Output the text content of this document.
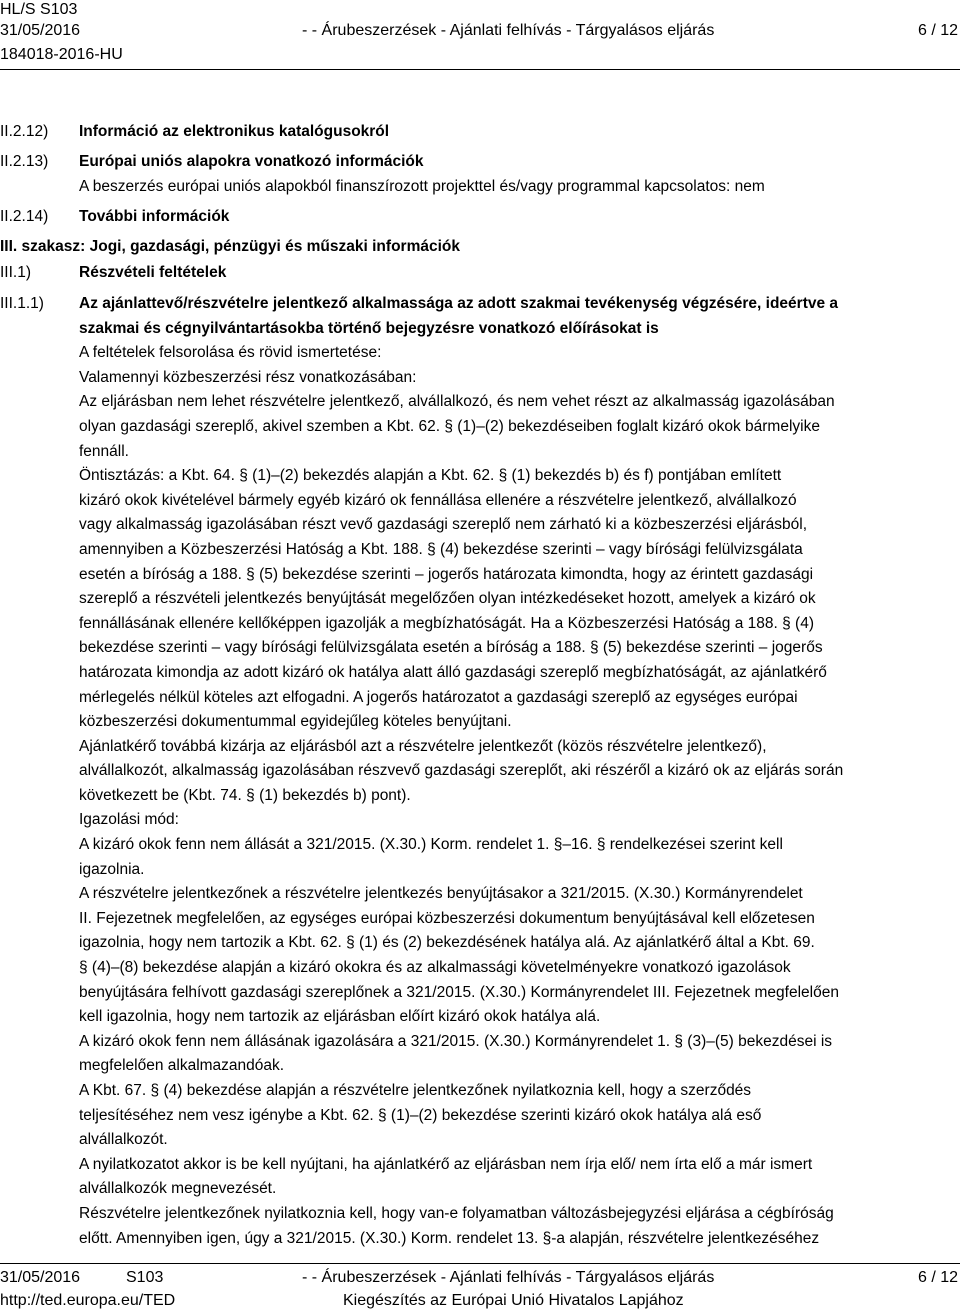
HL/S S103
31/05/2016
184018-2016-HU
- - Árubeszerzések - Ajánlati felhívás - Tárgyalásos eljárás	6 / 12
II.2.12) Információ az elektronikus katalógusokról
II.2.13) Európai uniós alapokra vonatkozó információk
A beszerzés európai uniós alapokból finanszírozott projekttel és/vagy programmal kapcsolatos: nem
II.2.14) További információk
III. szakasz: Jogi, gazdasági, pénzügyi és műszaki információk
III.1)	Részvételi feltételek
III.1.1) Az ajánlattevő/részvételre jelentkező alkalmassága az adott szakmai tevékenység végzésére, ideértve a
szakmai és cégnyilvántartásokba történő bejegyzésre vonatkozó előírásokat is
A feltételek felsorolása és rövid ismertetése:
Valamennyi közbeszerzési rész vonatkozásában:
Az eljárásban nem lehet részvételre jelentkező, alvállalkozó, és nem vehet részt az alkalmasság igazolásában
olyan gazdasági szereplő, akivel szemben a Kbt. 62. § (1)–(2) bekezdéseiben foglalt kizáró okok bármelyike
fennáll.
Öntisztázás: a Kbt. 64. § (1)–(2) bekezdés alapján a Kbt. 62. § (1) bekezdés b) és f) pontjában említett
kizáró okok kivételével bármely egyéb kizáró ok fennállása ellenére a részvételre jelentkező, alvállalkozó
vagy alkalmasság igazolásában részt vevő gazdasági szereplő nem zárható ki a közbeszerzési eljárásból,
amennyiben a Közbeszerzési Hatóság a Kbt. 188. § (4) bekezdése szerinti – vagy bírósági felülvizsgálata
esetén a bíróság a 188. § (5) bekezdése szerinti – jogerős határozata kimondta, hogy az érintett gazdasági
szereplő a részvételi jelentkezés benyújtását megelőzően olyan intézkedéseket hozott, amelyek a kizáró ok
fennállásának ellenére kellőképpen igazolják a megbízhatóságát. Ha a Közbeszerzési Hatóság a 188. § (4)
bekezdése szerinti – vagy bírósági felülvizsgálata esetén a bíróság a 188. § (5) bekezdése szerinti – jogerős
határozata kimondja az adott kizáró ok hatálya alatt álló gazdasági szereplő megbízhatóságát, az ajánlatkérő
mérlegelés nélkül köteles azt elfogadni. A jogerős határozatot a gazdasági szereplő az egységes európai
közbeszerzési dokumentummal egyidejűleg köteles benyújtani.
Ajánlatkérő továbbá kizárja az eljárásból azt a részvételre jelentkezőt (közös részvételre jelentkező),
alvállalkozót, alkalmasság igazolásában részvevő gazdasági szereplőt, aki részéről a kizáró ok az eljárás során
következett be (Kbt. 74. § (1) bekezdés b) pont).
Igazolási mód:
A kizáró okok fenn nem állását a 321/2015. (X.30.) Korm. rendelet 1. §–16. § rendelkezései szerint kell
igazolnia.
A részvételre jelentkezőnek a részvételre jelentkezés benyújtásakor a 321/2015. (X.30.) Kormányrendelet
II. Fejezetnek megfelelően, az egységes európai közbeszerzési dokumentum benyújtásával kell előzetesen
igazolnia, hogy nem tartozik a Kbt. 62. § (1) és (2) bekezdésének hatálya alá. Az ajánlatkérő által a Kbt. 69.
§ (4)–(8) bekezdése alapján a kizáró okokra és az alkalmassági követelményekre vonatkozó igazolások
benyújtására felhívott gazdasági szereplőnek a 321/2015. (X.30.) Kormányrendelet III. Fejezetnek megfelelően
kell igazolnia, hogy nem tartozik az eljárásban előírt kizáró okok hatálya alá.
A kizáró okok fenn nem állásának igazolására a 321/2015. (X.30.) Kormányrendelet 1. § (3)–(5) bekezdései is
megfelelően alkalmazandóak.
A Kbt. 67. § (4) bekezdése alapján a részvételre jelentkezőnek nyilatkoznia kell, hogy a szerződés
teljesítéséhez nem vesz igénybe a Kbt. 62. § (1)–(2) bekezdése szerinti kizáró okok hatálya alá eső
alvállalkozót.
A nyilatkozatot akkor is be kell nyújtani, ha ajánlatkérő az eljárásban nem írja elő/ nem írta elő a már ismert
alvállalkozók megnevezését.
Részvételre jelentkezőnek nyilatkoznia kell, hogy van-e folyamatban változásbejegyzési eljárása a cégbíróság
előtt. Amennyiben igen, úgy a 321/2015. (X.30.) Korm. rendelet 13. §-a alapján, részvételre jelentkezéséhez
31/05/2016	S103	- - Árubeszerzések - Ajánlati felhívás - Tárgyalásos eljárás	6 / 12
http://ted.europa.eu/TED	Kiegészítés az Európai Unió Hivatalos Lapjához
